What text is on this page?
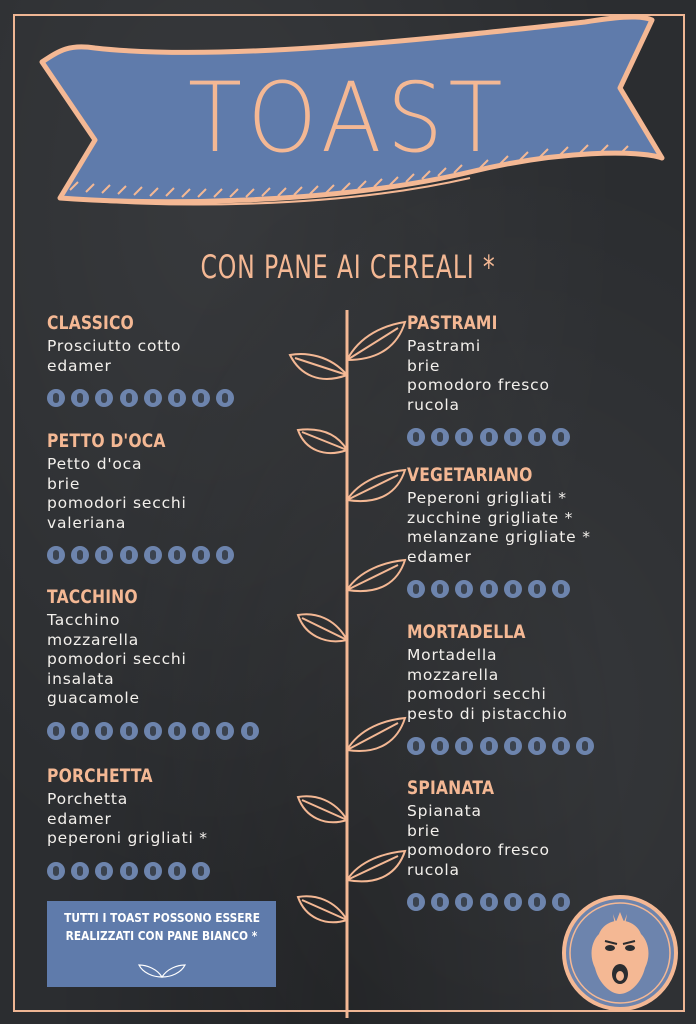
TOAST
CON PANE AI CEREALI *
CLASSICO
Prosciutto cotto
edamer
PETTO D'OCA
Petto d'oca
brie
pomodori secchi
valeriana
TACCHINO
Tacchino
mozzarella
pomodori secchi
insalata
guacamole
PORCHETTA
Porchetta
edamer
peperoni grigliati *
PASTRAMI
Pastrami
brie
pomodoro fresco
rucola
VEGETARIANO
Peperoni grigliati *
zucchine grigliate *
melanzane grigliate *
edamer
MORTADELLA
Mortadella
mozzarella
pomodori secchi
pesto di pistacchio
SPIANATA
Spianata
brie
pomodoro fresco
rucola
TUTTI I TOAST POSSONO ESSERE
REALIZZATI CON PANE BIANCO *
